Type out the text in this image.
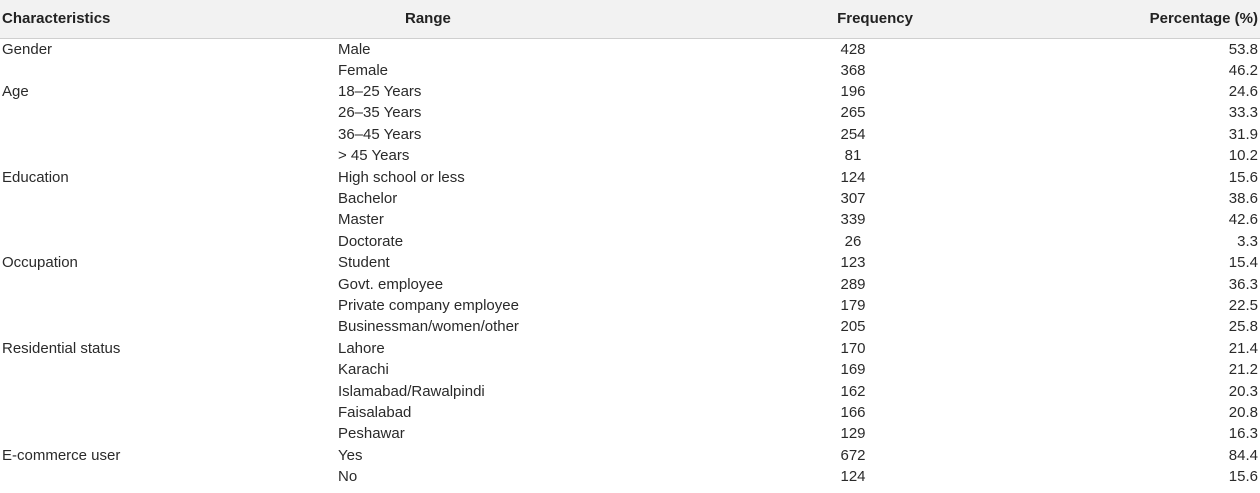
Characteristics	Range	Frequency	Percentage (%)
Gender	Male	428	53.8
	Female	368	46.2
Age	18–25 Years	196	24.6
	26–35 Years	265	33.3
	36–45 Years	254	31.9
	> 45 Years	81	10.2
Education	High school or less	124	15.6
	Bachelor	307	38.6
	Master	339	42.6
	Doctorate	26	3.3
Occupation	Student	123	15.4
	Govt. employee	289	36.3
	Private company employee	179	22.5
	Businessman/women/other	205	25.8
Residential status	Lahore	170	21.4
	Karachi	169	21.2
	Islamabad/Rawalpindi	162	20.3
	Faisalabad	166	20.8
	Peshawar	129	16.3
E-commerce user	Yes	672	84.4
	No	124	15.6
